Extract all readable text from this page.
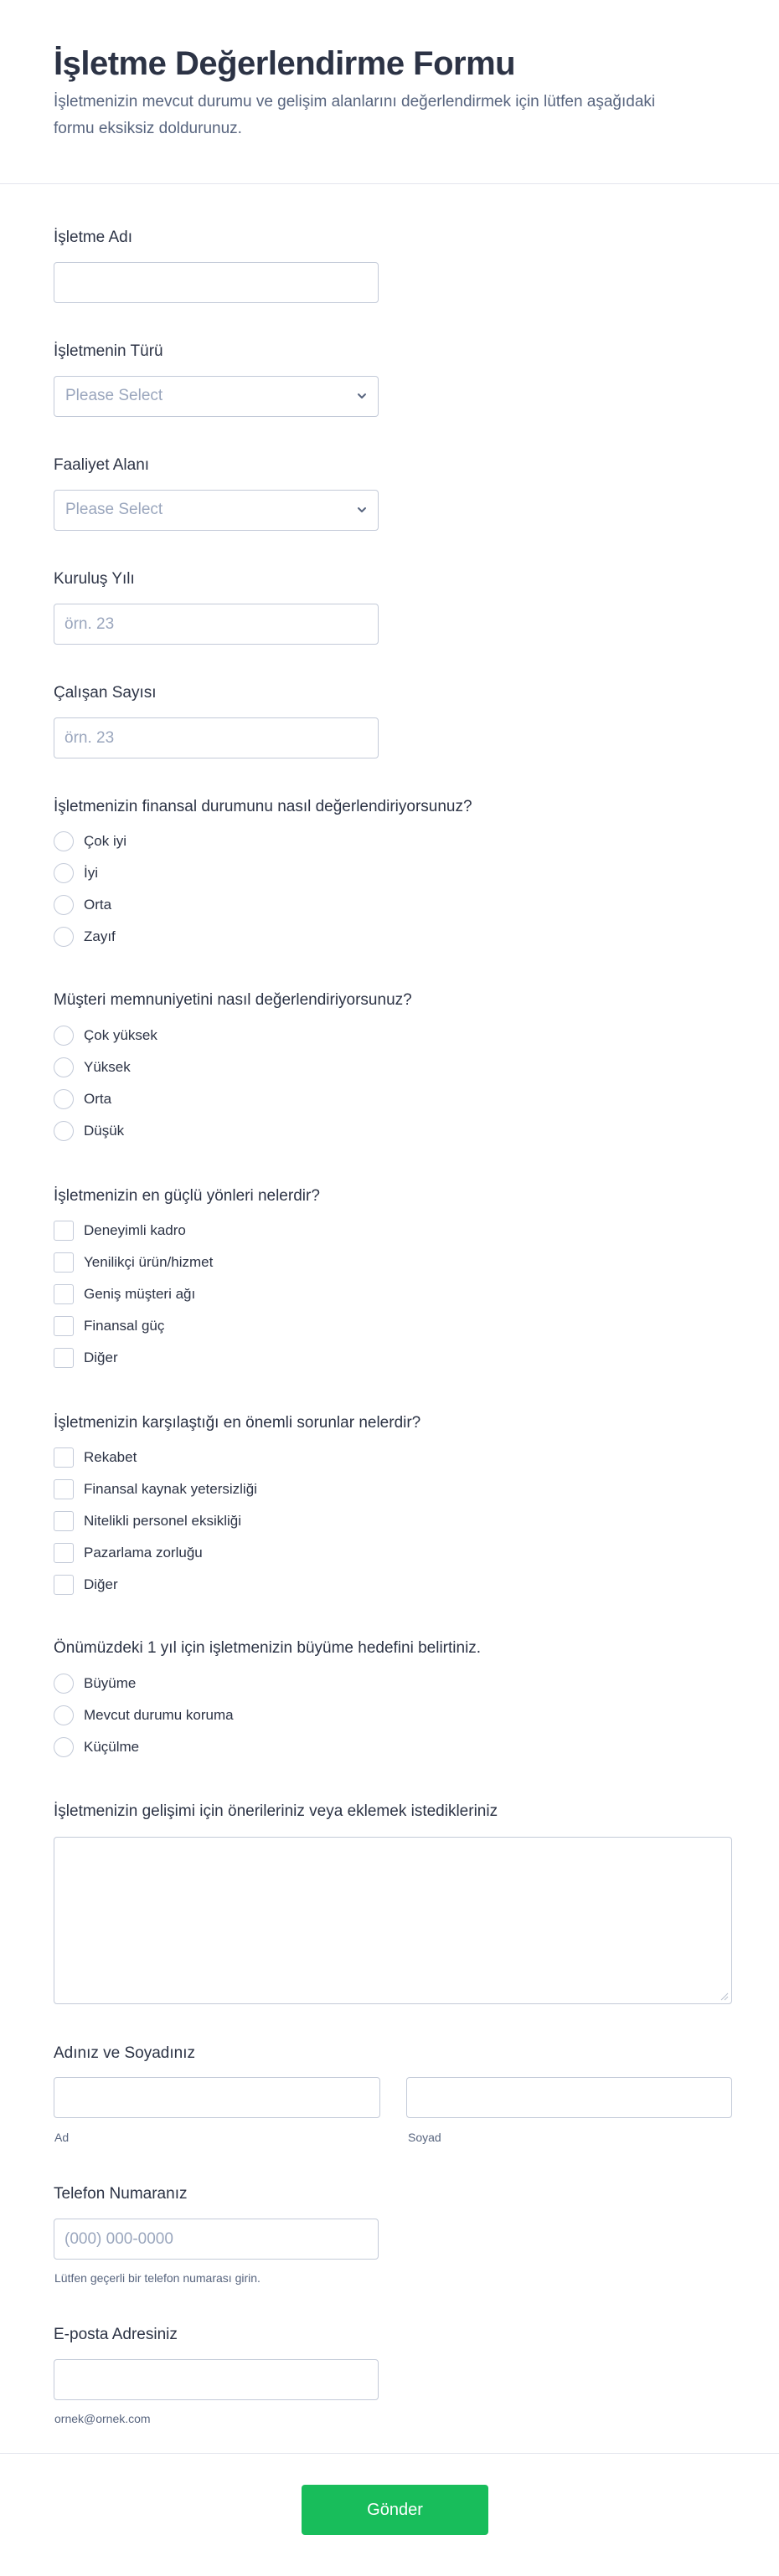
İşletme Değerlendirme Formu

İşletmenizin mevcut durumu ve gelişim alanlarını değerlendirmek için lütfen aşağıdaki formu eksiksiz doldurunuz.

İşletme Adı
İşletmenin Türü
Please Select
Faaliyet Alanı
Please Select
Kuruluş Yılı
örn. 23
Çalışan Sayısı
örn. 23
İşletmenizin finansal durumunu nasıl değerlendiriyorsunuz?
Çok iyi
İyi
Orta
Zayıf
Müşteri memnuniyetini nasıl değerlendiriyorsunuz?
Çok yüksek
Yüksek
Orta
Düşük
İşletmenizin en güçlü yönleri nelerdir?
Deneyimli kadro
Yenilikçi ürün/hizmet
Geniş müşteri ağı
Finansal güç
Diğer
İşletmenizin karşılaştığı en önemli sorunlar nelerdir?
Rekabet
Finansal kaynak yetersizliği
Nitelikli personel eksikliği
Pazarlama zorluğu
Diğer
Önümüzdeki 1 yıl için işletmenizin büyüme hedefini belirtiniz.
Büyüme
Mevcut durumu koruma
Küçülme
İşletmenizin gelişimi için önerileriniz veya eklemek istedikleriniz
Adınız ve Soyadınız
Ad	Soyad
Telefon Numaranız
(000) 000-0000
Lütfen geçerli bir telefon numarası girin.
E-posta Adresiniz
ornek@ornek.com
Gönder
